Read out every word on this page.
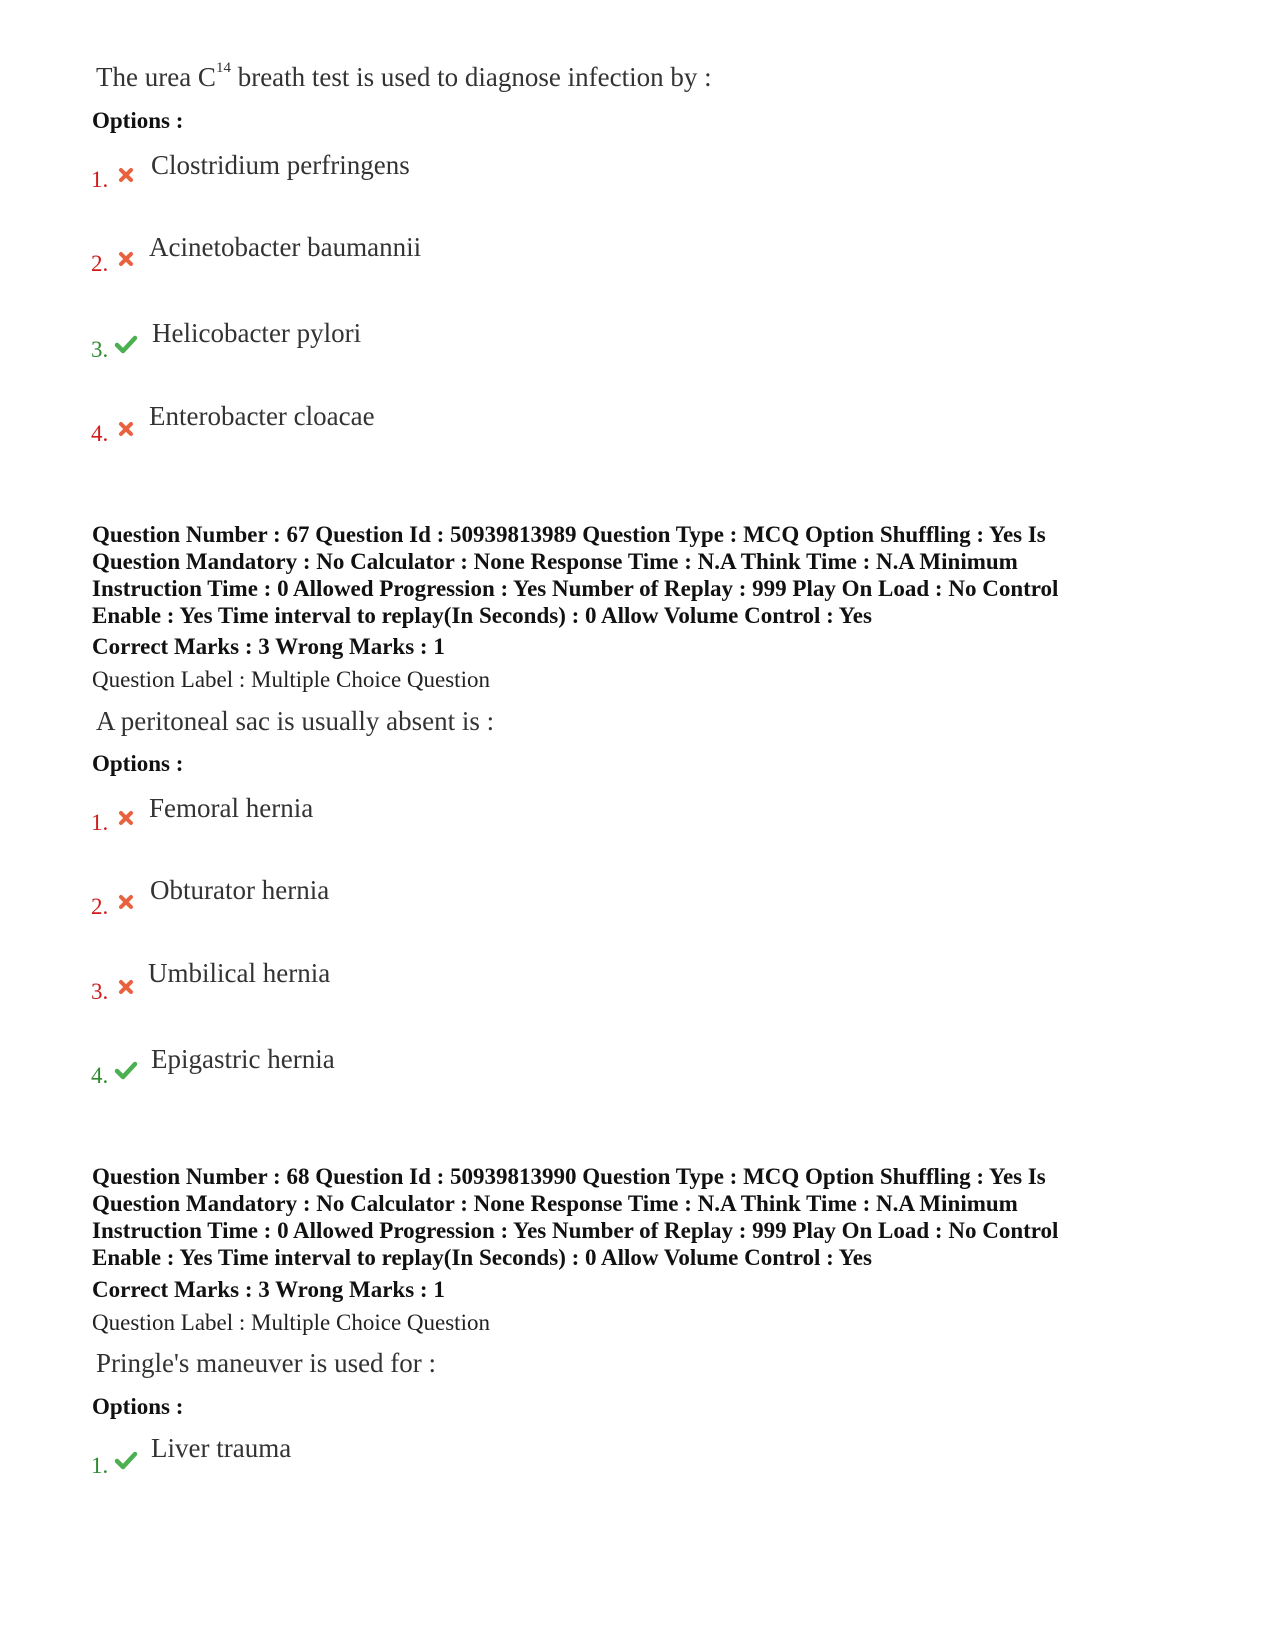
The urea $C^{14}$ breath test is used to diagnose infection by :
Options :
1. Clostridium perfringens
2.
Acinetobacter baumannii
3.
Helicobacter pylori
4.
Enterobacter cloacae
Question Number : 67 Question Id : 50939813989 Question Type : MCQ Option Shuffling : Yes Is
Question Mandatory : No Calculator : None Response Time : N.A Think Time : N.A Minimum
Instruction Time : 0 Allowed Progression : Yes Number of Replay : 999 Play On Load : No Control
Enable : Yes Time interval to replay(In Seconds) : 0 Allow Volume Control : Yes
Correct Marks : 3 Wrong Marks : 1
Question Label : Multiple Choice Question
A peritoneal sac is usually absent is :
Options :
1. Femoral hernia
2.
Obturator hernia
3.
Umbilical hernia
4.
Epigastric hernia
Question Number : 68 Question Id : 50939813990 Question Type : MCQ Option Shuffling : Yes Is
Question Mandatory : No Calculator : None Response Time : N.A Think Time : N.A Minimum
Instruction Time : 0 Allowed Progression : Yes Number of Replay : 999 Play On Load : No Control
Enable : Yes Time interval to replay(In Seconds) : 0 Allow Volume Control : Yes
Correct Marks : 3 Wrong Marks : 1
Question Label : Multiple Choice Question
Pringle's maneuver is used for :
Options :
1.
Liver trauma
